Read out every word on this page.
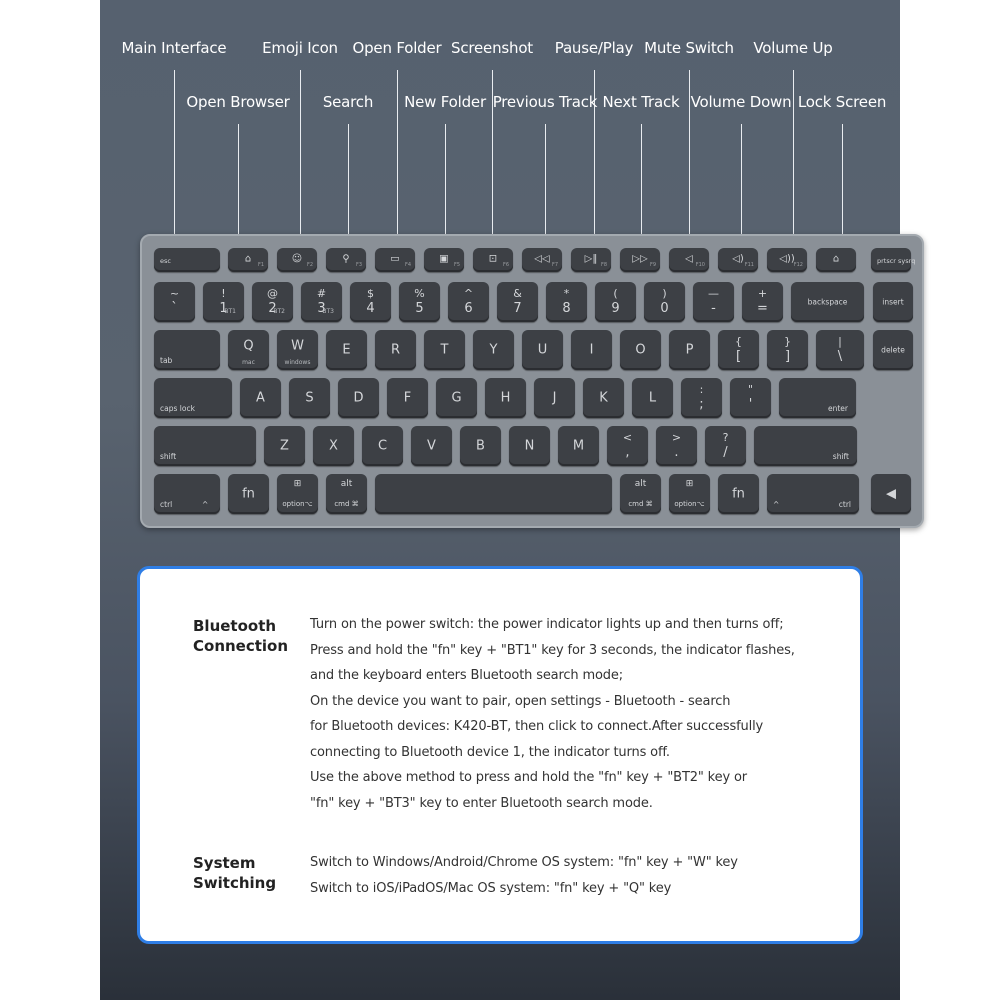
Main Interface Emoji Icon Open Folder Screenshot Pause/Play Mute Switch Volume Up
Open Browser Search New Folder Previous Track Next Track Volume Down Lock Screen
esc	⌂
F1
☺
F2
⚲
F3
▭
F4
▣
F5
⊡
F6
◁◁
F7
▷‖
F8
▷▷
F9
◁
F10
◁)
F11
◁))
F12
⌂	prtscr sysrq
~
`
!
1
BT1
@
2
BT2
#
3
BT3
$
4
%
5
^
6
&
7
*
8
(
9
)
0
—
-
+
=	backspace	insert
tab
Q
mac
W
windows
E	R	T	Y	U	I	O	P
{
[
}
]
|
\	delete
caps lock
A	S	D	F	G	H	J	K	L
:
;
"
'	enter
shift
Z	X	C	V	B	N	M
<
,
>
.
?
/	shift
ctrl	^
fn
⊞
option⌥
alt
cmd ⌘
alt
cmd ⌘
⊞
option⌥
fn
^	ctrl
◀
Bluetooth Connection
Turn on the power switch: the power indicator lights up and then turns off;
Press and hold the "fn" key + "BT1" key for 3 seconds, the indicator flashes,
and the keyboard enters Bluetooth search mode;
On the device you want to pair, open settings - Bluetooth - search
for Bluetooth devices: K420-BT, then click to connect.After successfully
connecting to Bluetooth device 1, the indicator turns off.
Use the above method to press and hold the "fn" key + "BT2" key or
"fn" key + "BT3" key to enter Bluetooth search mode.
System Switching
Switch to Windows/Android/Chrome OS system: "fn" key + "W" key
Switch to iOS/iPadOS/Mac OS system: "fn" key + "Q" key
